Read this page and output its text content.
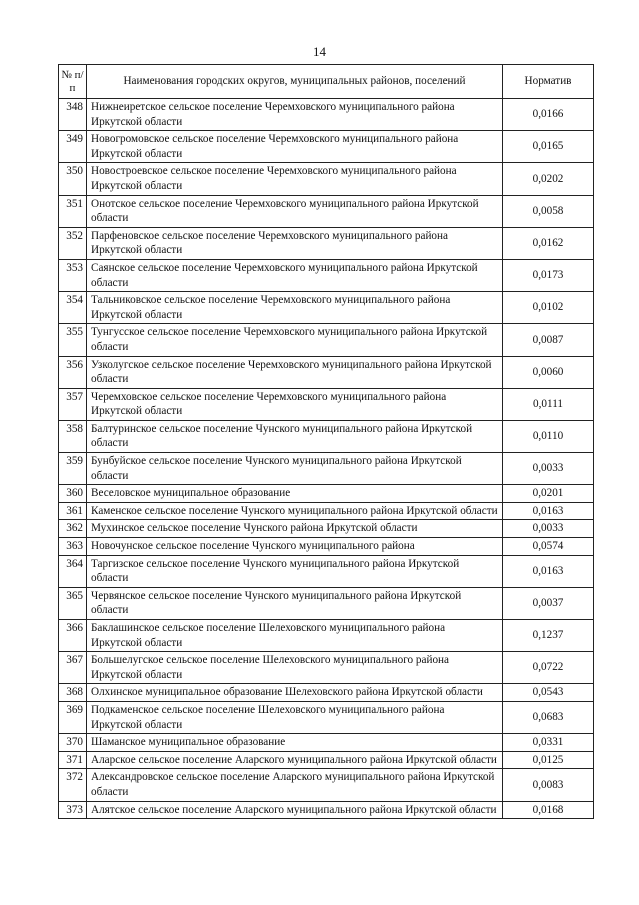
14
№ п/п	Наименования городских округов, муниципальных районов, поселений	Норматив
348	Нижнеиретское сельское поселение Черемховского муниципального района Иркутской области	0,0166
349	Новогромовское сельское поселение Черемховского муниципального района Иркутской области	0,0165
350	Новостроевское сельское поселение Черемховского муниципального района Иркутской области	0,0202
351	Онотское сельское поселение Черемховского муниципального района Иркутской области	0,0058
352	Парфеновское сельское поселение Черемховского муниципального района Иркутской области	0,0162
353	Саянское сельское поселение Черемховского муниципального района Иркутской области	0,0173
354	Тальниковское сельское поселение Черемховского муниципального района Иркутской области	0,0102
355	Тунгусское сельское поселение Черемховского муниципального района Иркутской области	0,0087
356	Узколугское сельское поселение Черемховского муниципального района Иркутской области	0,0060
357	Черемховское сельское поселение Черемховского муниципального района Иркутской области	0,0111
358	Балтуринское сельское поселение Чунского муниципального района Иркутской области	0,0110
359	Бунбуйское сельское поселение Чунского муниципального района Иркутской области	0,0033
360	Веселовское муниципальное образование	0,0201
361	Каменское сельское поселение Чунского муниципального района Иркутской области	0,0163
362	Мухинское сельское поселение Чунского района Иркутской области	0,0033
363	Новочунское сельское поселение Чунского муниципального района	0,0574
364	Таргизское сельское поселение Чунского муниципального района Иркутской области	0,0163
365	Червянское сельское поселение Чунского муниципального района Иркутской области	0,0037
366	Баклашинское сельское поселение Шелеховского муниципального района Иркутской области	0,1237
367	Большелугское сельское поселение Шелеховского муниципального района Иркутской области	0,0722
368	Олхинское муниципальное образование Шелеховского района Иркутской области	0,0543
369	Подкаменское сельское поселение Шелеховского муниципального района Иркутской области	0,0683
370	Шаманское муниципальное образование	0,0331
371	Аларское сельское поселение Аларского муниципального района Иркутской области	0,0125
372	Александровское сельское поселение Аларского муниципального района Иркутской области	0,0083
373	Алятское сельское поселение Аларского муниципального района Иркутской области	0,0168
